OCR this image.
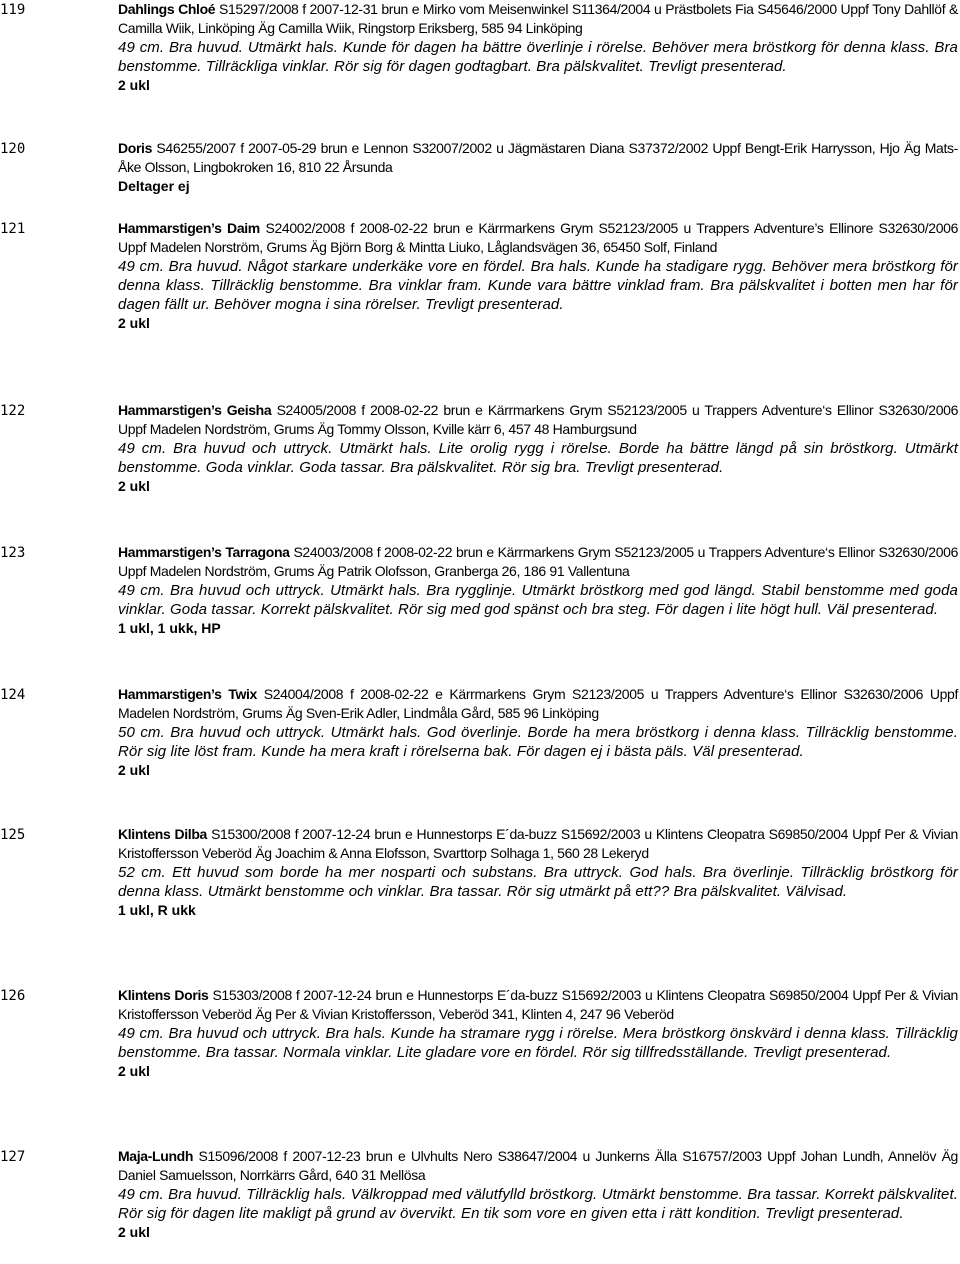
119	Dahlings Chloé S15297/2008 f 2007-12-31 brun e Mirko vom Meisenwinkel S11364/2004 u Prästbolets Fia S45646/2000 Uppf Tony Dahllöf & Camilla Wiik, Linköping Äg Camilla Wiik, Ringstorp Eriksberg, 585 94 Linköping
49 cm. Bra huvud. Utmärkt hals. Kunde för dagen ha bättre överlinje i rörelse. Behöver mera bröstkorg för denna klass. Bra benstomme. Tillräckliga vinklar. Rör sig för dagen godtagbart. Bra pälskvalitet. Trevligt presenterad.
2 ukl
120	Doris S46255/2007 f 2007-05-29 brun e Lennon S32007/2002 u Jägmästaren Diana S37372/2002 Uppf Bengt-Erik Harrysson, Hjo Äg Mats-Åke Olsson, Lingbokroken 16, 810 22 Årsunda
Deltager ej
121	Hammarstigen’s Daim S24002/2008 f 2008-02-22 brun e Kärrmarkens Grym S52123/2005 u Trappers Adventure’s Ellinore S32630/2006 Uppf Madelen Norström, Grums Äg Björn Borg & Mintta Liuko, Låglandsvägen 36, 65450 Solf, Finland
49 cm. Bra huvud. Något starkare underkäke vore en fördel. Bra hals. Kunde ha stadigare rygg. Behöver mera bröstkorg för denna klass. Tillräcklig benstomme. Bra vinklar fram. Kunde vara bättre vinklad fram. Bra pälskvalitet i botten men har för dagen fällt ur. Behöver mogna i sina rörelser. Trevligt presenterad.
2 ukl
122	Hammarstigen’s Geisha S24005/2008 f 2008-02-22 brun e Kärrmarkens Grym S52123/2005 u Trappers Adventure‘s Ellinor S32630/2006 Uppf Madelen Nordström, Grums Äg Tommy Olsson, Kville kärr 6, 457 48 Hamburgsund
49 cm. Bra huvud och uttryck. Utmärkt hals. Lite orolig rygg i rörelse. Borde ha bättre längd på sin bröstkorg. Utmärkt benstomme. Goda vinklar. Goda tassar. Bra pälskvalitet. Rör sig bra. Trevligt presenterad.
2 ukl
123	Hammarstigen’s Tarragona S24003/2008 f 2008-02-22 brun e Kärrmarkens Grym S52123/2005 u Trappers Adventure‘s Ellinor S32630/2006 Uppf Madelen Nordström, Grums Äg Patrik Olofsson, Granberga 26, 186 91 Vallentuna
49 cm. Bra huvud och uttryck. Utmärkt hals. Bra rygglinje. Utmärkt bröstkorg med god längd. Stabil benstomme med goda vinklar. Goda tassar. Korrekt pälskvalitet. Rör sig med god spänst och bra steg. För dagen i lite högt hull. Väl presenterad.
1 ukl, 1 ukk, HP
124	Hammarstigen’s Twix S24004/2008 f 2008-02-22 e Kärrmarkens Grym S2123/2005 u Trappers Adventure‘s Ellinor S32630/2006 Uppf Madelen Nordström, Grums Äg Sven-Erik Adler, Lindmåla Gård, 585 96 Linköping
50 cm. Bra huvud och uttryck. Utmärkt hals. God överlinje. Borde ha mera bröstkorg i denna klass. Tillräcklig benstomme. Rör sig lite löst fram. Kunde ha mera kraft i rörelserna bak. För dagen ej i bästa päls. Väl presenterad.
2 ukl
125	Klintens Dilba S15300/2008 f 2007-12-24 brun e Hunnestorps E´da-buzz S15692/2003 u Klintens Cleopatra S69850/2004 Uppf Per & Vivian Kristoffersson Veberöd Äg Joachim & Anna Elofsson, Svarttorp Solhaga 1, 560 28 Lekeryd
52 cm. Ett huvud som borde ha mer nosparti och substans. Bra uttryck. God hals. Bra överlinje. Tillräcklig bröstkorg för denna klass. Utmärkt benstomme och vinklar. Bra tassar. Rör sig utmärkt på ett?? Bra pälskvalitet. Välvisad.
1 ukl, R ukk
126	Klintens Doris S15303/2008 f 2007-12-24 brun e Hunnestorps E´da-buzz S15692/2003 u Klintens Cleopatra S69850/2004 Uppf Per & Vivian Kristoffersson Veberöd Äg Per & Vivian Kristoffersson, Veberöd 341, Klinten 4, 247 96 Veberöd
49 cm. Bra huvud och uttryck. Bra hals. Kunde ha stramare rygg i rörelse. Mera bröstkorg önskvärd i denna klass. Tillräcklig benstomme. Bra tassar. Normala vinklar. Lite gladare vore en fördel. Rör sig tillfredsställande. Trevligt presenterad.
2 ukl
127	Maja-Lundh S15096/2008 f 2007-12-23 brun e Ulvhults Nero S38647/2004 u Junkerns Älla S16757/2003 Uppf Johan Lundh, Annelöv Äg Daniel Samuelsson, Norrkärrs Gård, 640 31 Mellösa
49 cm. Bra huvud. Tillräcklig hals. Välkroppad med välutfylld bröstkorg. Utmärkt benstomme. Bra tassar. Korrekt pälskvalitet. Rör sig för dagen lite makligt på grund av övervikt. En tik som vore en given etta i rätt kondition. Trevligt presenterad.
2 ukl
